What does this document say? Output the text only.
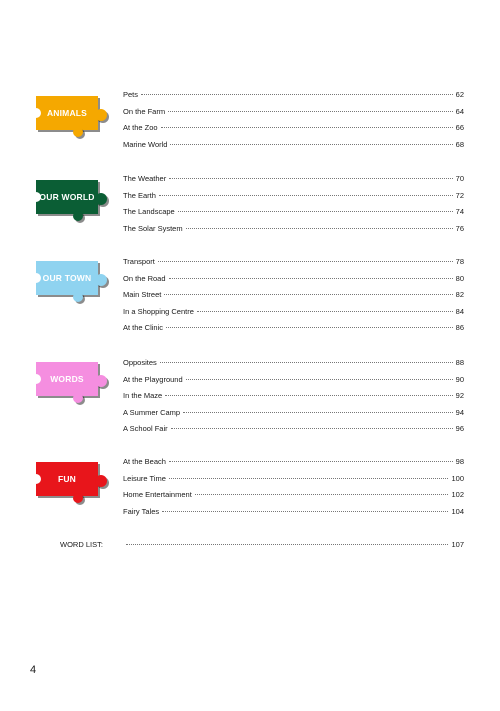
ANIMALS
Pets	62
On the Farm	64
At the Zoo	66
Marine World	68
OUR WORLD
The Weather	70
The Earth	72
The Landscape	74
The Solar System	76
OUR TOWN
Transport	78
On the Road	80
Main Street	82
In a Shopping Centre	84
At the Clinic	86
WORDS
Opposites	88
At the Playground	90
In the Maze	92
A Summer Camp	94
A School Fair	96
FUN
At the Beach	98
Leisure Time	100
Home Entertainment	102
Fairy Tales	104
WORD LIST:	107
4
